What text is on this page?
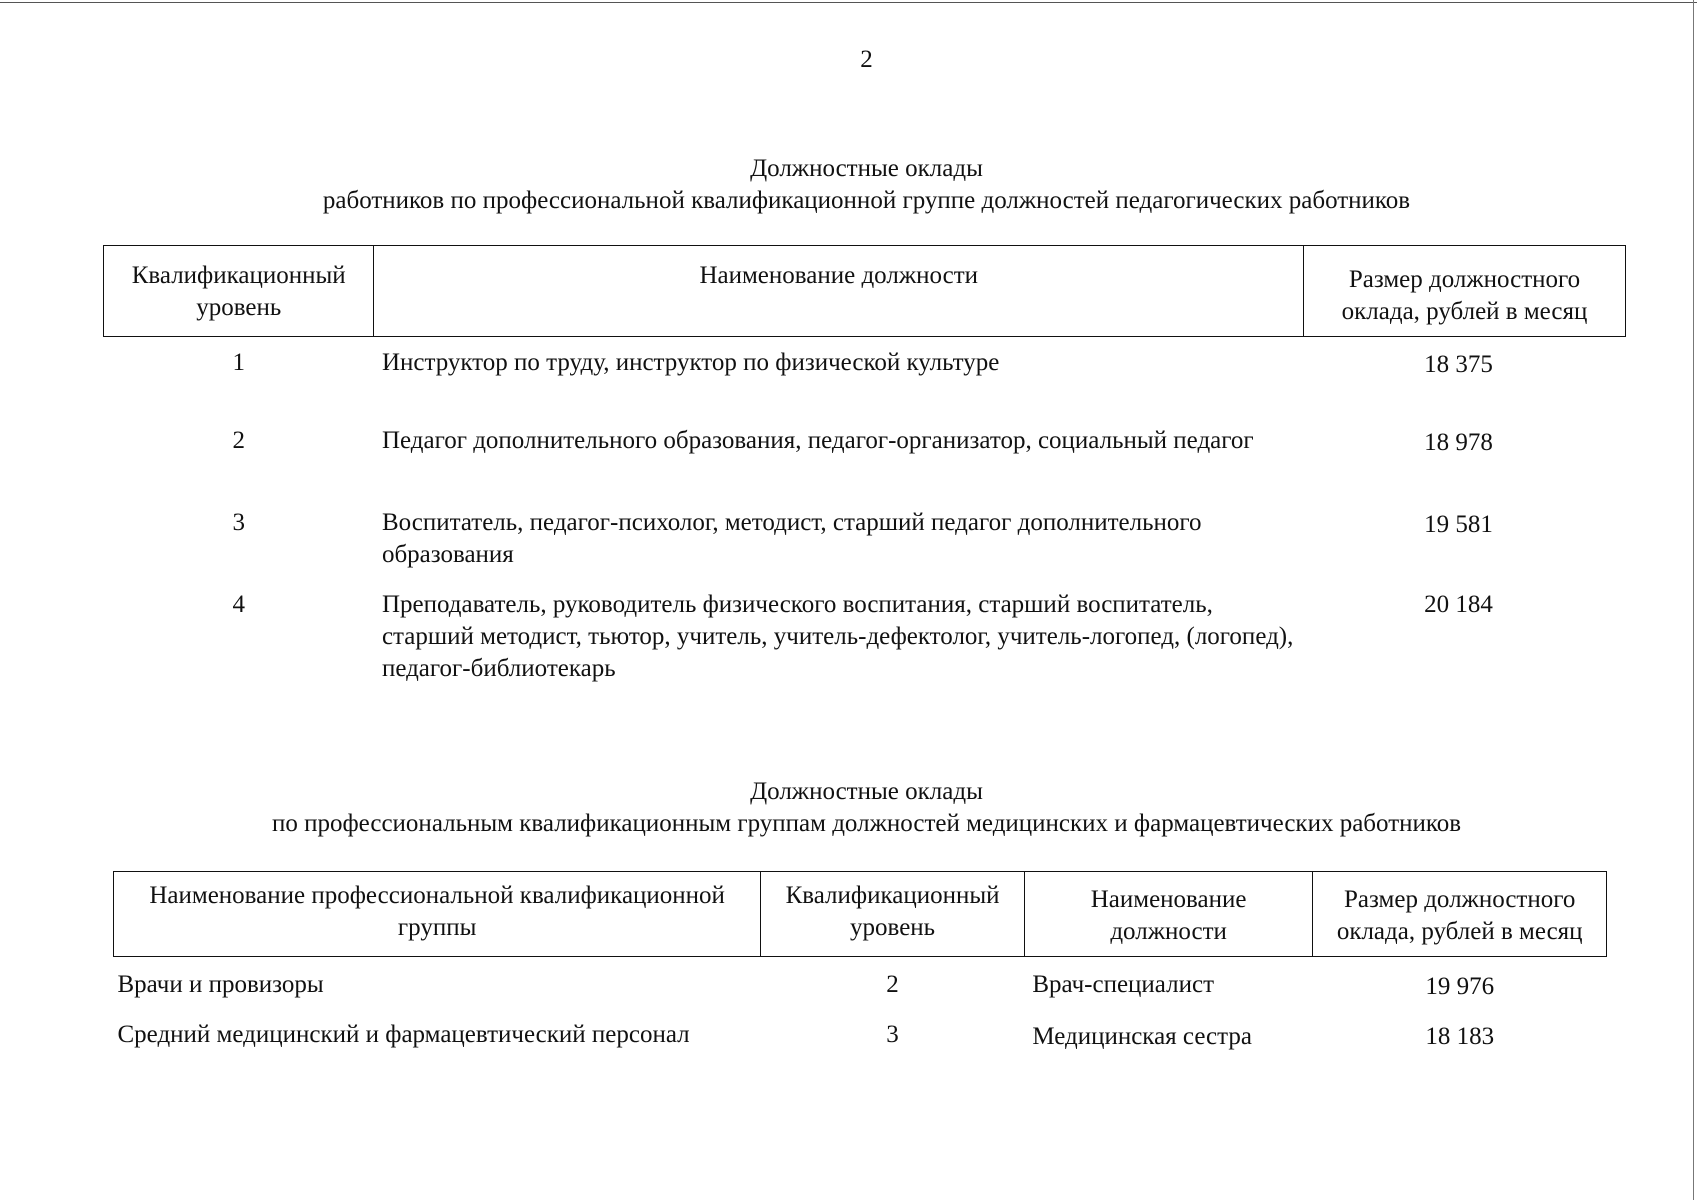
2
Должностные оклады
работников по профессиональной квалификационной группе должностей педагогических работников
Квалификационный уровень	Наименование должности	Размер должностного оклада, рублей в месяц
1	Инструктор по труду, инструктор по физической культуре	18 375
2	Педагог дополнительного образования, педагог-организатор, социальный педагог	18 978
3	Воспитатель, педагог-психолог, методист, старший педагог дополнительного образования	19 581
4	Преподаватель, руководитель физического воспитания, старший воспитатель, старший методист, тьютор, учитель, учитель-дефектолог, учитель-логопед, (логопед), педагог-библиотекарь	20 184
Должностные оклады
по профессиональным квалификационным группам должностей медицинских и фармацевтических работников
Наименование профессиональной квалификационной группы	Квалификационный уровень	Наименование должности	Размер должностного оклада, рублей в месяц
Врачи и провизоры	2	Врач-специалист	19 976
Средний медицинский и фармацевтический персонал	3	Медицинская сестра	18 183
